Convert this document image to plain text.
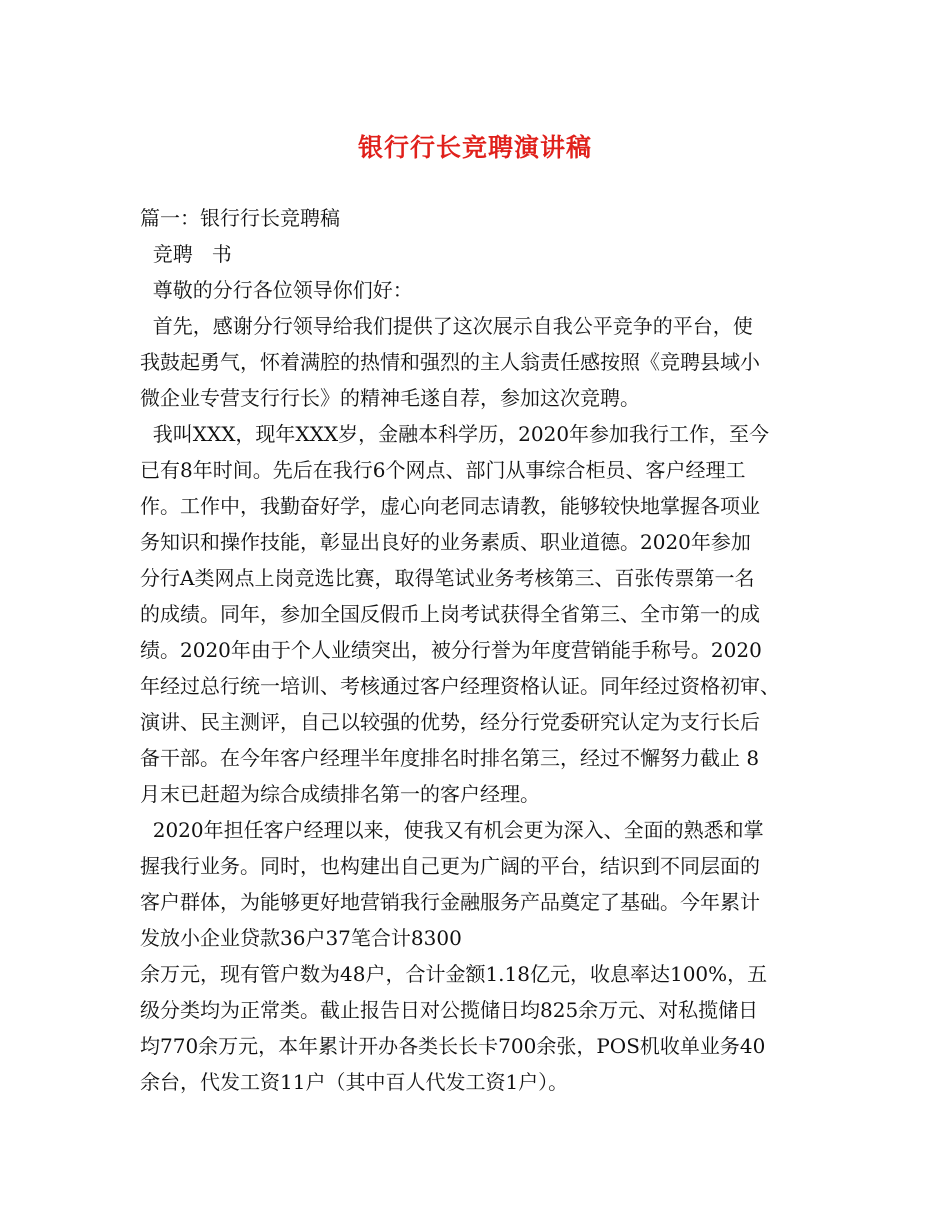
银行行长竞聘演讲稿
篇一：银行行长竞聘稿
竞聘   书
尊敬的分行各位领导你们好：
首先，感谢分行领导给我们提供了这次展示自我公平竞争的平台，使
我鼓起勇气，怀着满腔的热情和强烈的主人翁责任感按照《竞聘县域小
微企业专营支行行长》的精神毛遂自荐，参加这次竞聘。
我叫XXX，现年XXX岁，金融本科学历，2020年参加我行工作，至今
已有8年时间。先后在我行6个网点、部门从事综合柜员、客户经理工
作。工作中，我勤奋好学，虚心向老同志请教，能够较快地掌握各项业
务知识和操作技能，彰显出良好的业务素质、职业道德。2020年参加
分行A类网点上岗竞选比赛，取得笔试业务考核第三、百张传票第一名
的成绩。同年，参加全国反假币上岗考试获得全省第三、全市第一的成
绩。2020年由于个人业绩突出，被分行誉为年度营销能手称号。2020
年经过总行统一培训、考核通过客户经理资格认证。同年经过资格初审、
演讲、民主测评，自己以较强的优势，经分行党委研究认定为支行长后
备干部。在今年客户经理半年度排名时排名第三，经过不懈努力截止 8
月末已赶超为综合成绩排名第一的客户经理。
2020年担任客户经理以来，使我又有机会更为深入、全面的熟悉和掌
握我行业务。同时，也构建出自己更为广阔的平台，结识到不同层面的
客户群体，为能够更好地营销我行金融服务产品奠定了基础。今年累计
发放小企业贷款36户37笔合计8300
余万元，现有管户数为48户，合计金额1.18亿元，收息率达100%，五
级分类均为正常类。截止报告日对公揽储日均825余万元、对私揽储日
均770余万元，本年累计开办各类长长卡700余张，POS机收单业务40
余台，代发工资11户（其中百人代发工资1户）。
